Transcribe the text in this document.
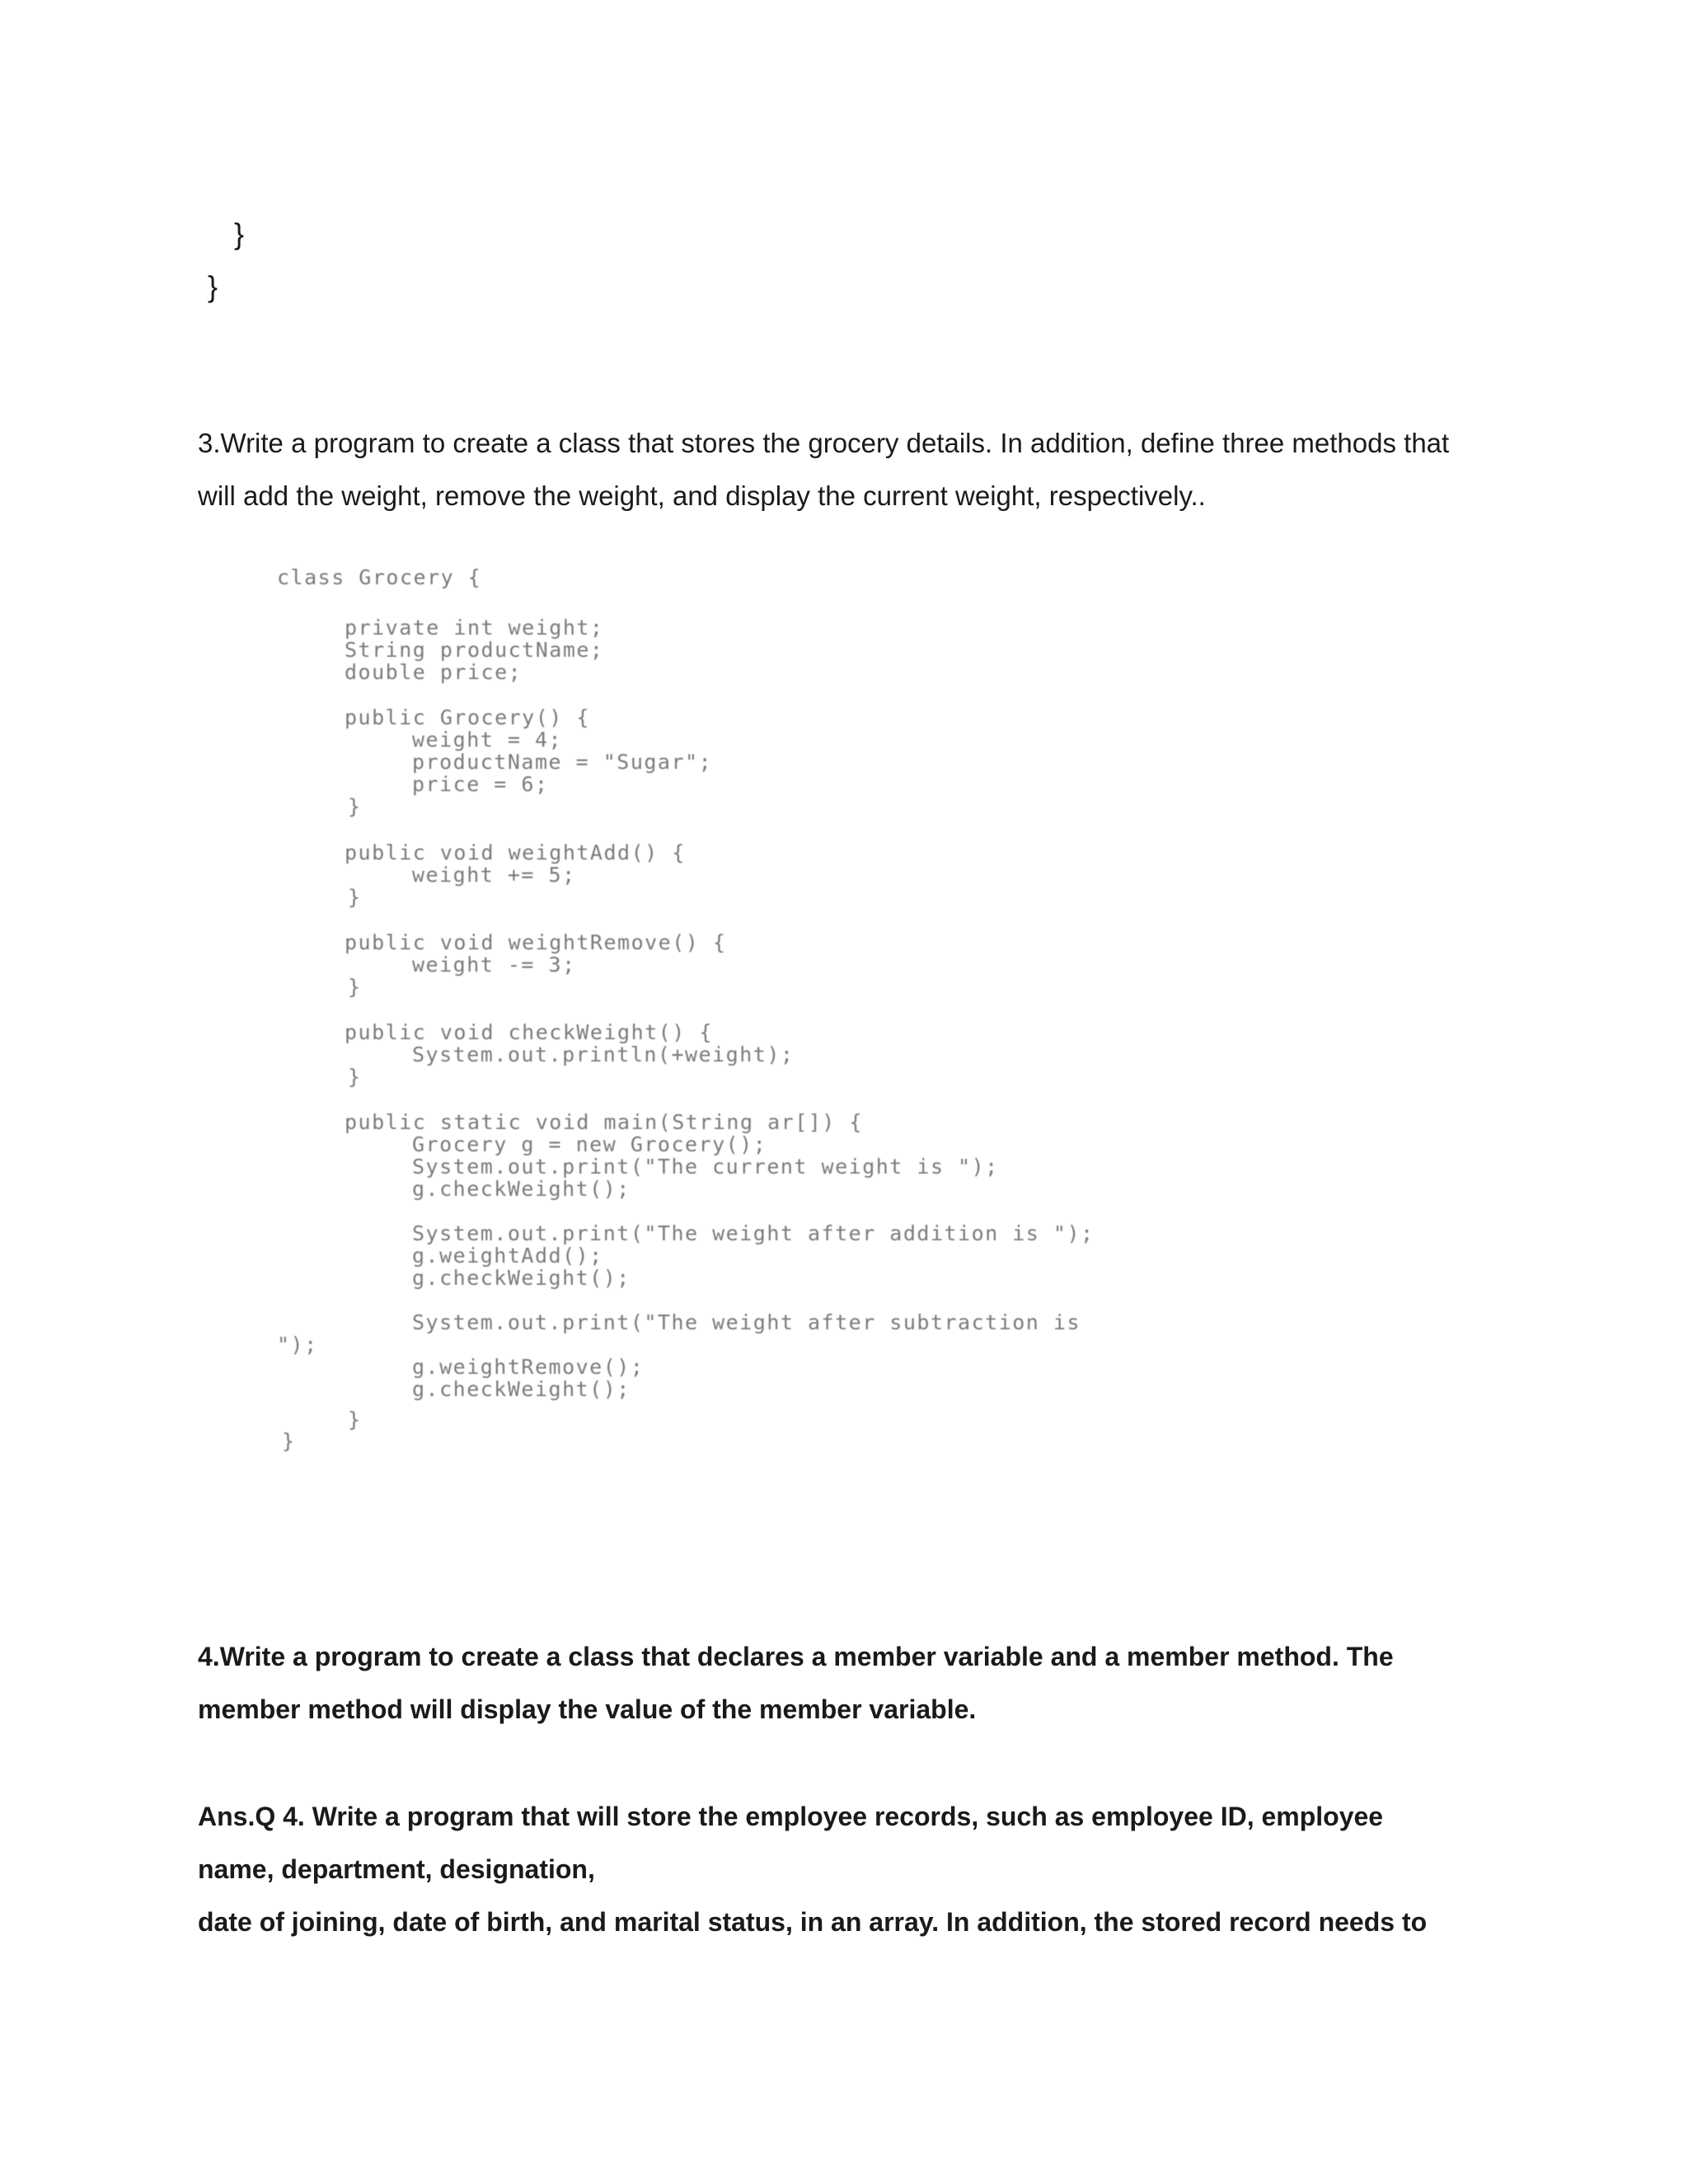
}
}
3.Write a program to create a class that stores the grocery details. In addition, define three methods that
will add the weight, remove the weight, and display the current weight, respectively..
class Grocery {
private int weight;
String productName;
double price;
public Grocery() {
weight = 4;
productName = "Sugar";
price = 6;
}
public void weightAdd() {
weight += 5;
}
public void weightRemove() {
weight -= 3;
}
public void checkWeight() {
System.out.println(+weight);
}
public static void main(String ar[]) {
Grocery g = new Grocery();
System.out.print("The current weight is ");
g.checkWeight();
System.out.print("The weight after addition is ");
g.weightAdd();
g.checkWeight();
System.out.print("The weight after subtraction is
");
g.weightRemove();
g.checkWeight();
}
}
4.Write a program to create a class that declares a member variable and a member method. The
member method will display the value of the member variable.
Ans.Q 4. Write a program that will store the employee records, such as employee ID, employee
name, department, designation,
date of joining, date of birth, and marital status, in an array. In addition, the stored record needs to
